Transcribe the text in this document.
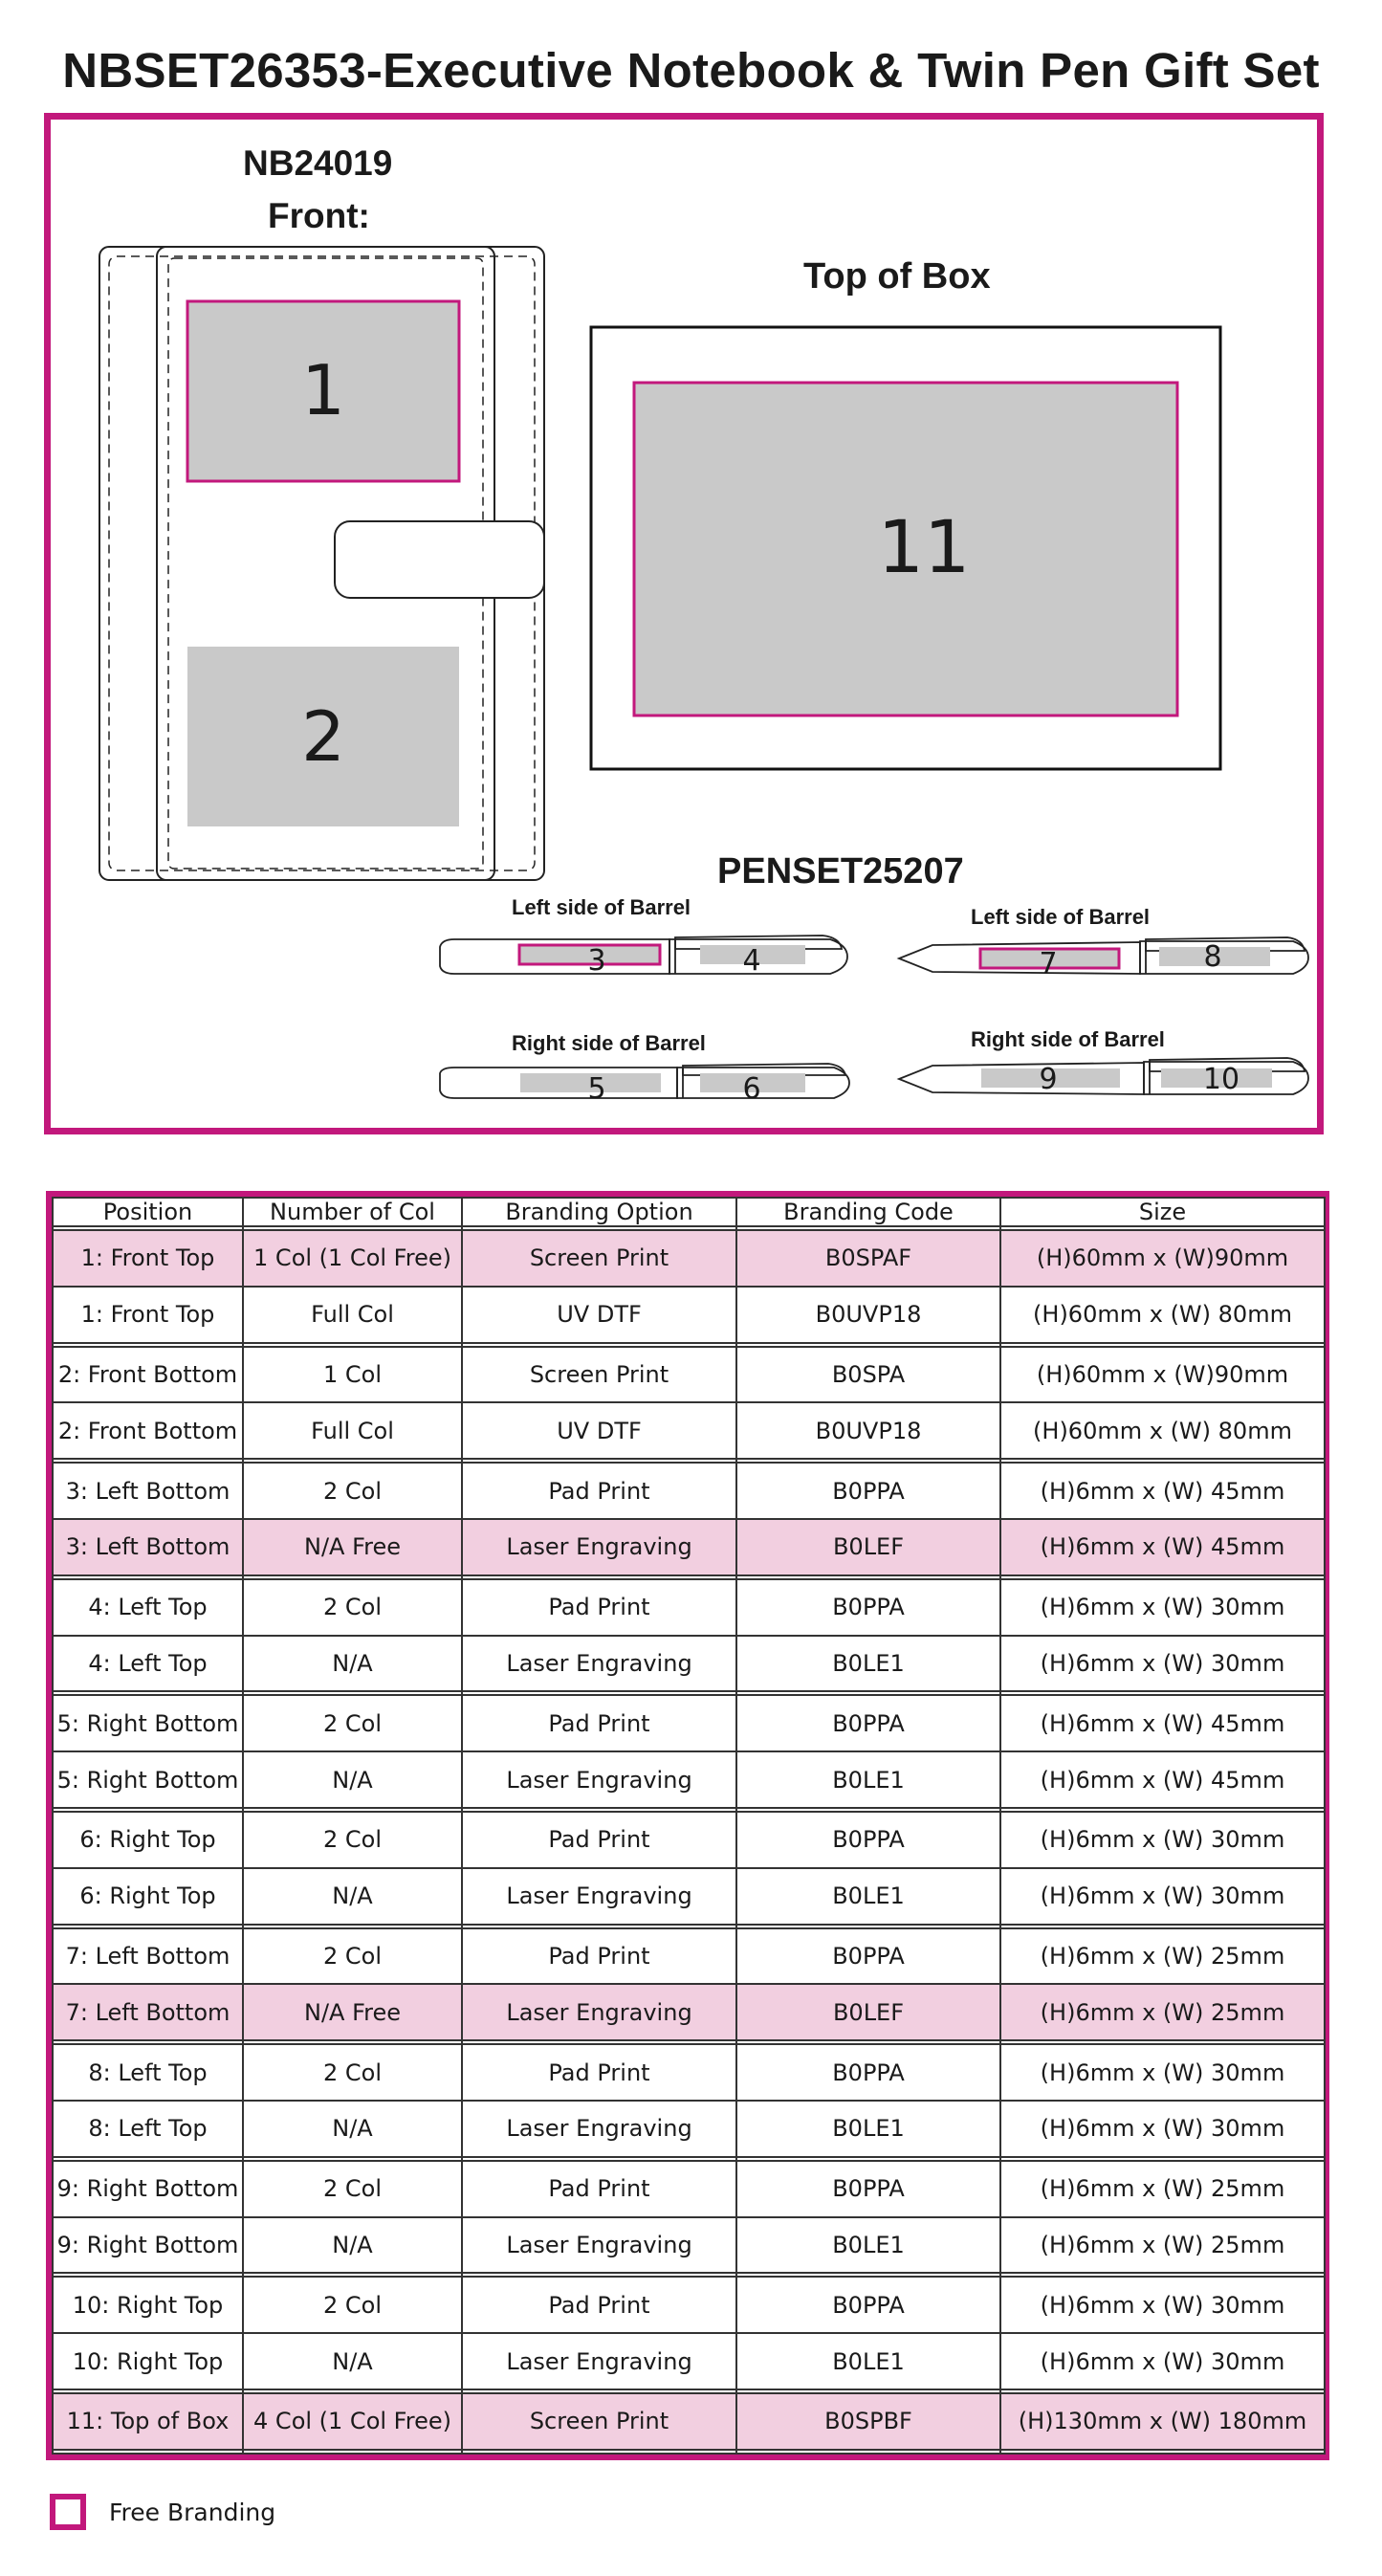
NBSET26353-Executive Notebook & Twin Pen Gift Set
1
2
11
3	4
5	6
7	8
9	10
NB24019
Front:
Top of Box
PENSET25207
Left side of Barrel
Right side of Barrel
Left side of Barrel
Right side of Barrel
Position	Number of Col	Branding Option	Branding Code	Size

1: Front Top	1 Col (1 Col Free)	Screen Print	B0SPAF	(H)60mm x (W)90mm
1: Front Top	Full Col	UV DTF	B0UVP18	(H)60mm x (W) 80mm

2: Front Bottom	1 Col	Screen Print	B0SPA	(H)60mm x (W)90mm
2: Front Bottom	Full Col	UV DTF	B0UVP18	(H)60mm x (W) 80mm

3: Left Bottom	2 Col	Pad Print	B0PPA	(H)6mm x (W) 45mm
3: Left Bottom	N/A Free	Laser Engraving	B0LEF	(H)6mm x (W) 45mm

4: Left Top	2 Col	Pad Print	B0PPA	(H)6mm x (W) 30mm
4: Left Top	N/A	Laser Engraving	B0LE1	(H)6mm x (W) 30mm

5: Right Bottom	2 Col	Pad Print	B0PPA	(H)6mm x (W) 45mm
5: Right Bottom	N/A	Laser Engraving	B0LE1	(H)6mm x (W) 45mm

6: Right Top	2 Col	Pad Print	B0PPA	(H)6mm x (W) 30mm
6: Right Top	N/A	Laser Engraving	B0LE1	(H)6mm x (W) 30mm

7: Left Bottom	2 Col	Pad Print	B0PPA	(H)6mm x (W) 25mm
7: Left Bottom	N/A Free	Laser Engraving	B0LEF	(H)6mm x (W) 25mm

8: Left Top	2 Col	Pad Print	B0PPA	(H)6mm x (W) 30mm
8: Left Top	N/A	Laser Engraving	B0LE1	(H)6mm x (W) 30mm

9: Right Bottom	2 Col	Pad Print	B0PPA	(H)6mm x (W) 25mm
9: Right Bottom	N/A	Laser Engraving	B0LE1	(H)6mm x (W) 25mm

10: Right Top	2 Col	Pad Print	B0PPA	(H)6mm x (W) 30mm
10: Right Top	N/A	Laser Engraving	B0LE1	(H)6mm x (W) 30mm

11: Top of Box	4 Col (1 Col Free)	Screen Print	B0SPBF	(H)130mm x (W) 180mm

Free Branding
